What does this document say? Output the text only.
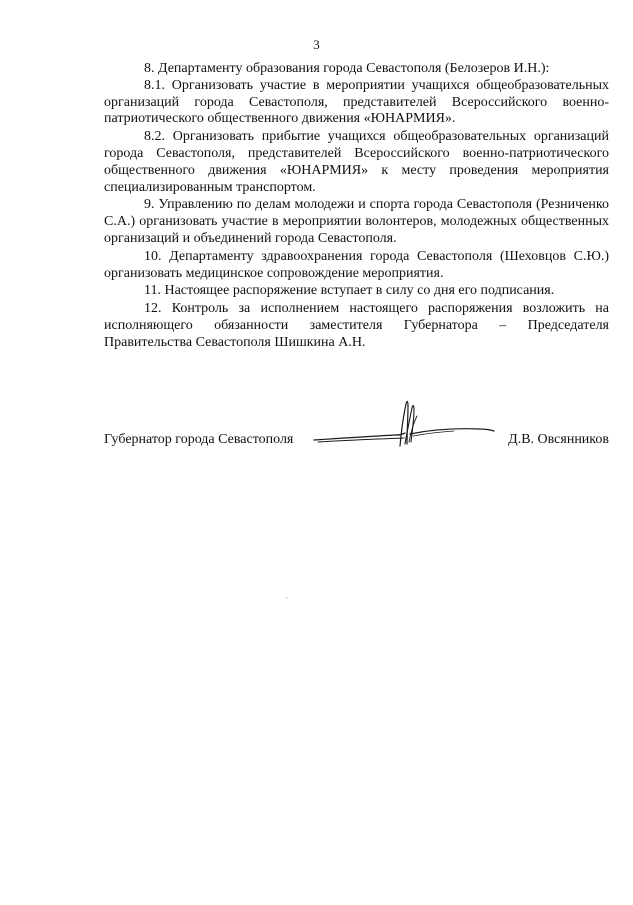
3

8. Департаменту образования города Севастополя (Белозеров И.Н.):

8.1. Организовать участие в мероприятии учащихся общеобразовательных организаций города Севастополя, представителей Всероссийского военно-патриотического общественного движения «ЮНАРМИЯ».

8.2. Организовать прибытие учащихся общеобразовательных организаций города Севастополя, представителей Всероссийского военно-патриотического общественного движения «ЮНАРМИЯ» к месту проведения мероприятия специализированным транспортом.

9. Управлению по делам молодежи и спорта города Севастополя (Резниченко С.А.) организовать участие в мероприятии волонтеров, молодежных общественных организаций и объединений города Севастополя.

10. Департаменту здравоохранения города Севастополя (Шеховцов С.Ю.) организовать медицинское сопровождение мероприятия.

11. Настоящее распоряжение вступает в силу со дня его подписания.

12. Контроль за исполнением настоящего распоряжения возложить на исполняющего обязанности заместителя Губернатора – Председателя Правительства Севастополя Шишкина А.Н.

Губернатор города Севастополя	Д.В. Овсянников
